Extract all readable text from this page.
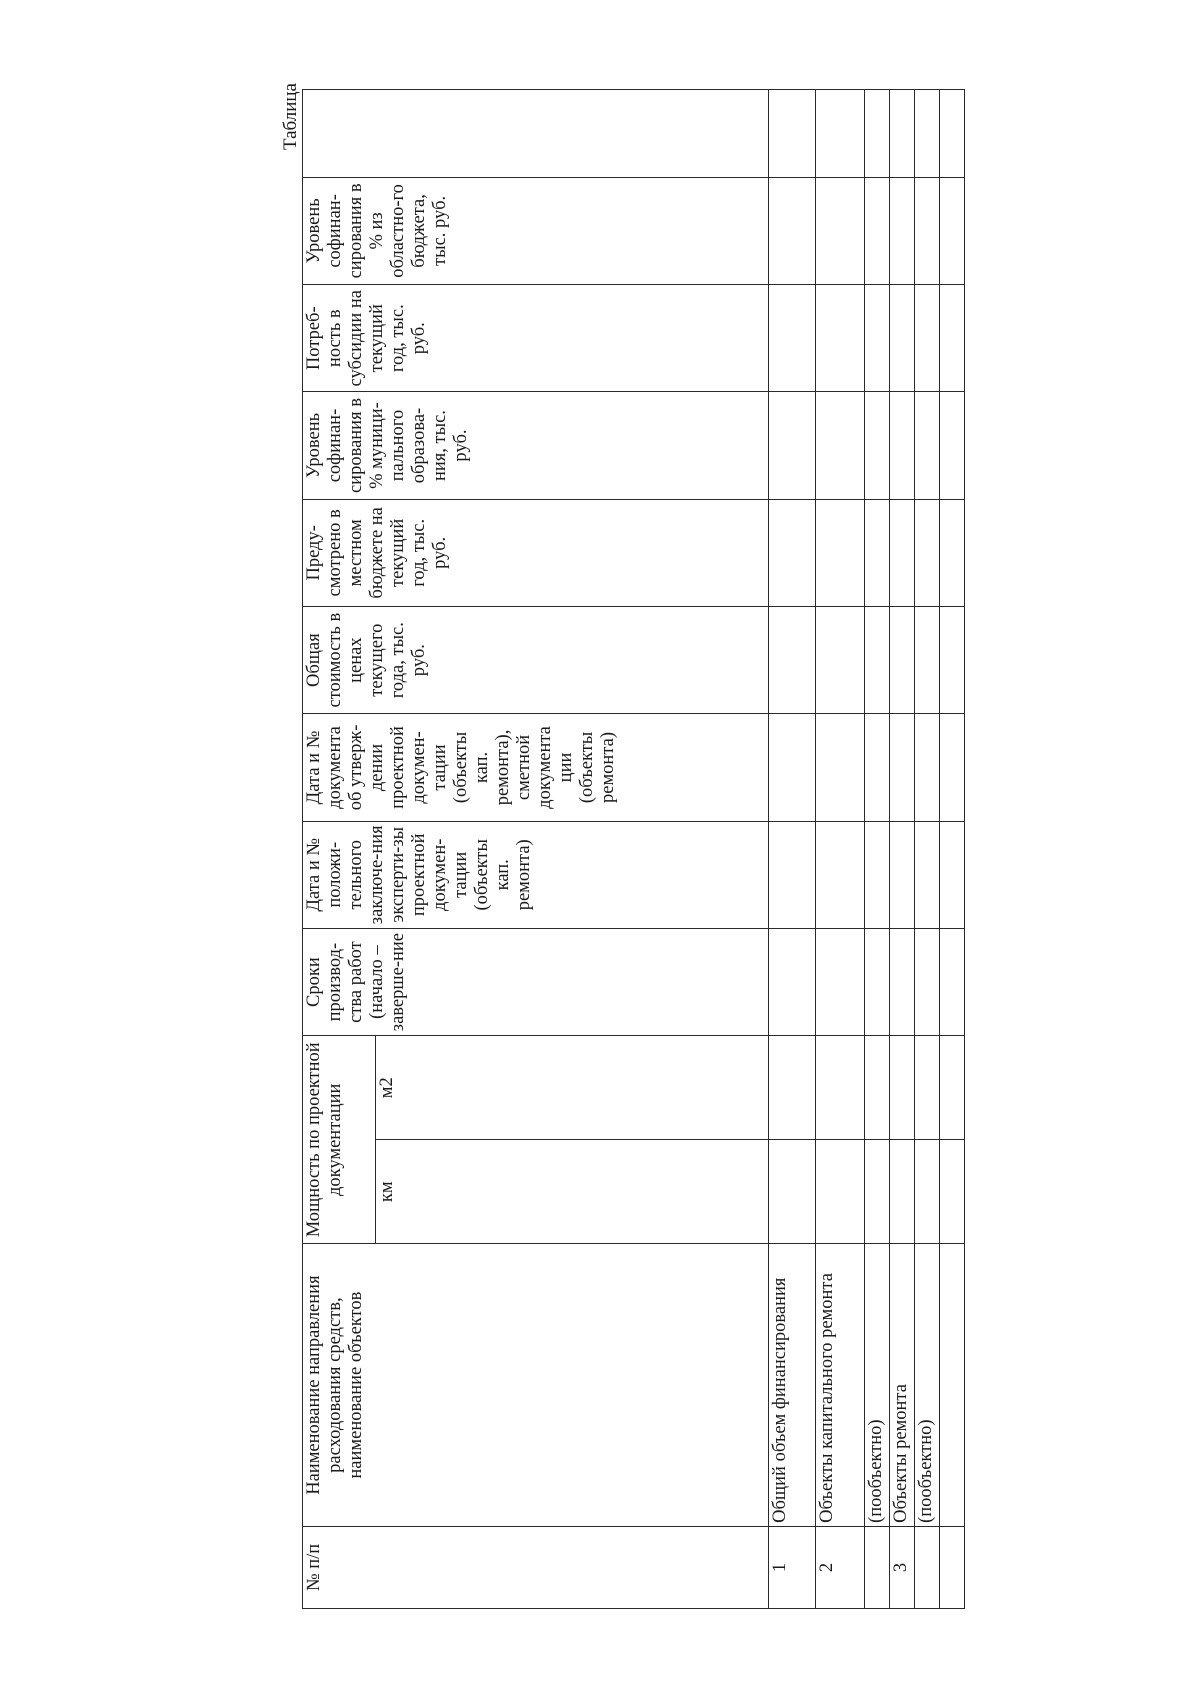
Таблица
№ п/п	Наименование направления расходования средств, наименование объектов	Мощность по проектной документации		Сроки производ-ства работ (начало – заверше-ние	Дата и № положи-тельного заключе-ния эксперти-зы проектной докумен-тации (объекты кап. ремонта)	Дата и № документа об утверж-дении проектной докумен-тации (объекты кап. ремонта), сметной документа ции (объекты ремонта)	Общая стоимость в ценах текущего года, тыс. руб.	Преду-смотрено в местном бюджете на текущий год, тыс. руб.	Уровень софинан-сирования в % муници-пального образова-ния, тыс. руб.	Потреб-ность в субсидии на текущий год, тыс. руб.	Уровень софинан-сирования в % из областно-го бюджета, тыс. руб.	
		км	м2									
1	Общий объем финансирования											
2	Объекты капитального ремонта											
	(пообъектно)											
3	Объекты ремонта											
	(пообъектно)											
